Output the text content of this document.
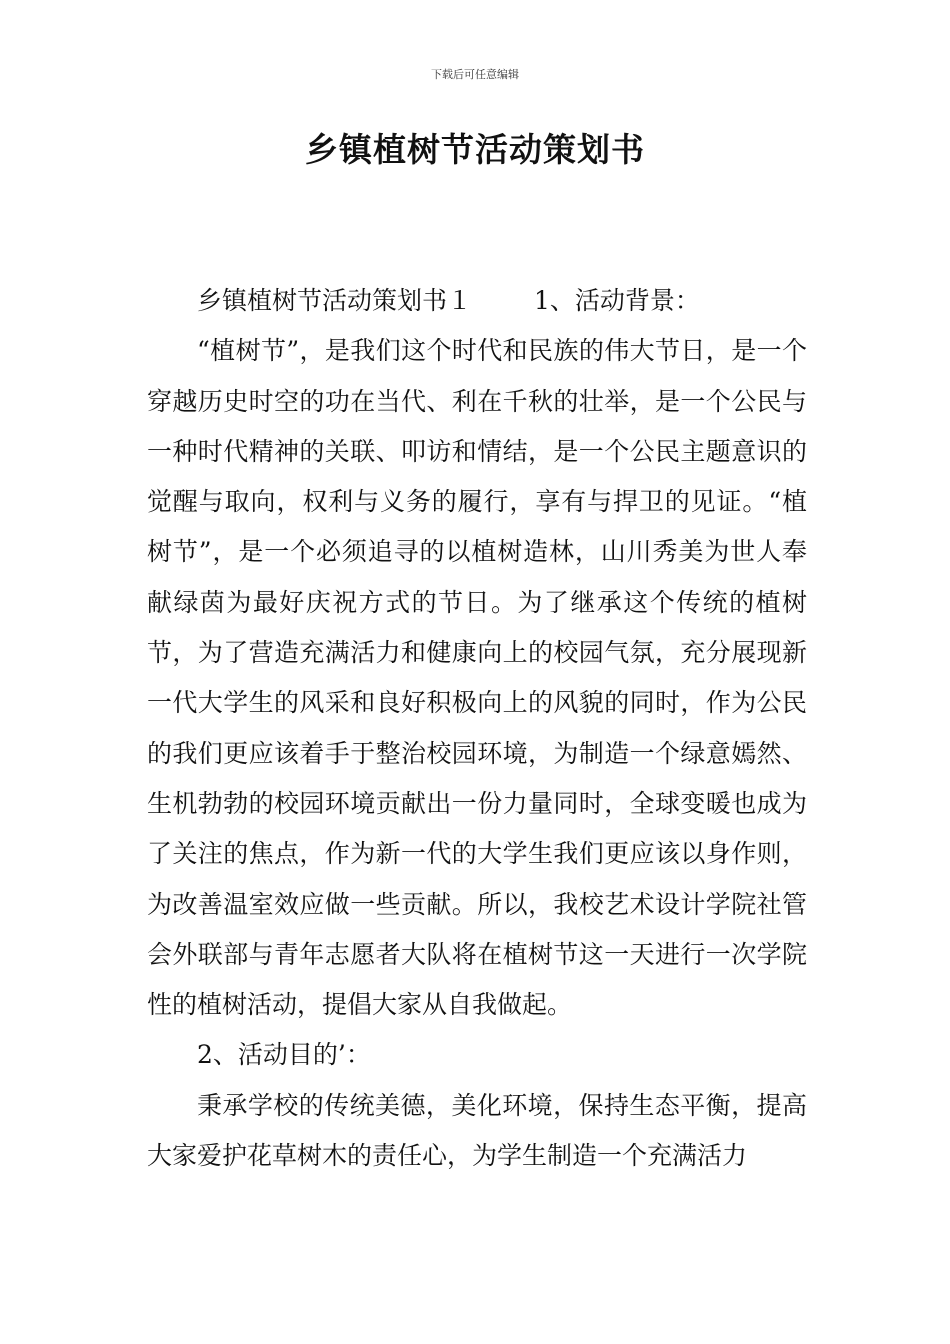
下载后可任意编辑
乡镇植树节活动策划书

乡镇植树节活动策划书１ 1、活动背景：

“植树节”，是我们这个时代和民族的伟大节日，是一个穿越历史时空的功在当代、利在千秋的壮举，是一个公民与一种时代精神的关联、叩访和情结，是一个公民主题意识的觉醒与取向，权利与义务的履行，享有与捍卫的见证。“植树节”，是一个必须追寻的以植树造林，山川秀美为世人奉献绿茵为最好庆祝方式的节日。为了继承这个传统的植树节，为了营造充满活力和健康向上的校园气氛，充分展现新一代大学生的风采和良好积极向上的风貌的同时，作为公民的我们更应该着手于整治校园环境，为制造一个绿意嫣然、生机勃勃的校园环境贡献出一份力量同时，全球变暖也成为了关注的焦点，作为新一代的大学生我们更应该以身作则，为改善温室效应做一些贡献。所以，我校艺术设计学院社管会外联部与青年志愿者大队将在植树节这一天进行一次学院性的植树活动，提倡大家从自我做起。

2、活动目的’：

秉承学校的传统美德，美化环境，保持生态平衡，提高大家爱护花草树木的责任心，为学生制造一个充满活力
